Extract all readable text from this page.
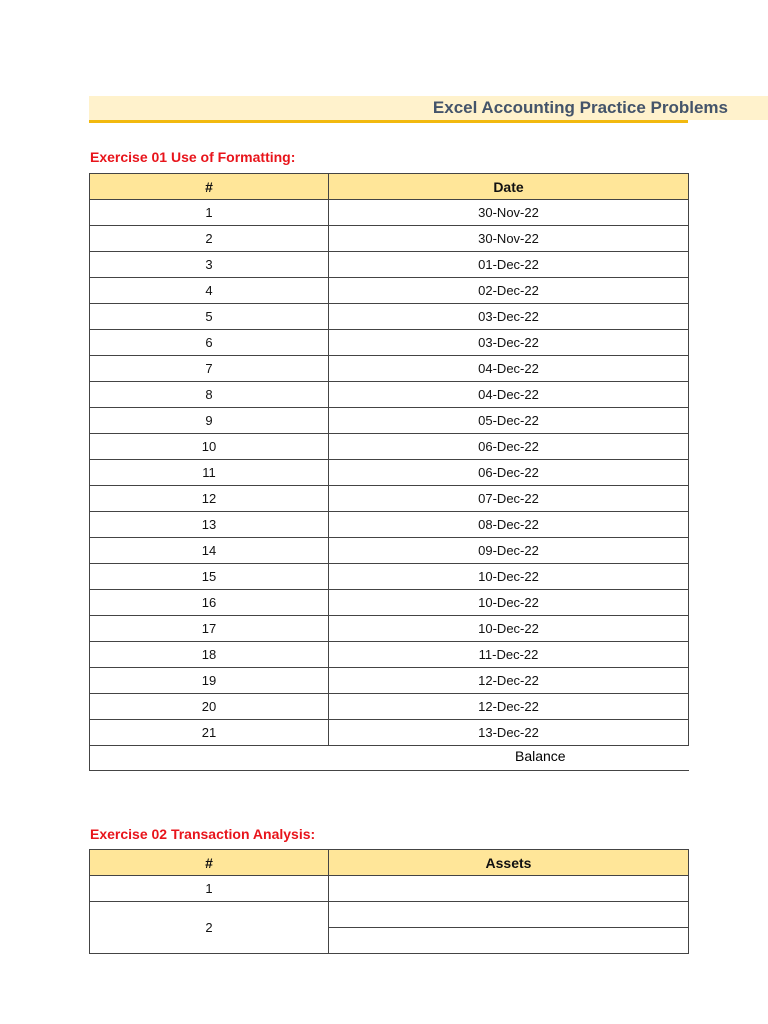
Excel Accounting Practice Problems
Exercise 01 Use of Formatting:
#	Date
1	30-Nov-22
2	30-Nov-22
3	01-Dec-22
4	02-Dec-22
5	03-Dec-22
6	03-Dec-22
7	04-Dec-22
8	04-Dec-22
9	05-Dec-22
10	06-Dec-22
11	06-Dec-22
12	07-Dec-22
13	08-Dec-22
14	09-Dec-22
15	10-Dec-22
16	10-Dec-22
17	10-Dec-22
18	11-Dec-22
19	12-Dec-22
20	12-Dec-22
21	13-Dec-22
Balance
Exercise 02 Transaction Analysis:
#	Assets
1	
2	
